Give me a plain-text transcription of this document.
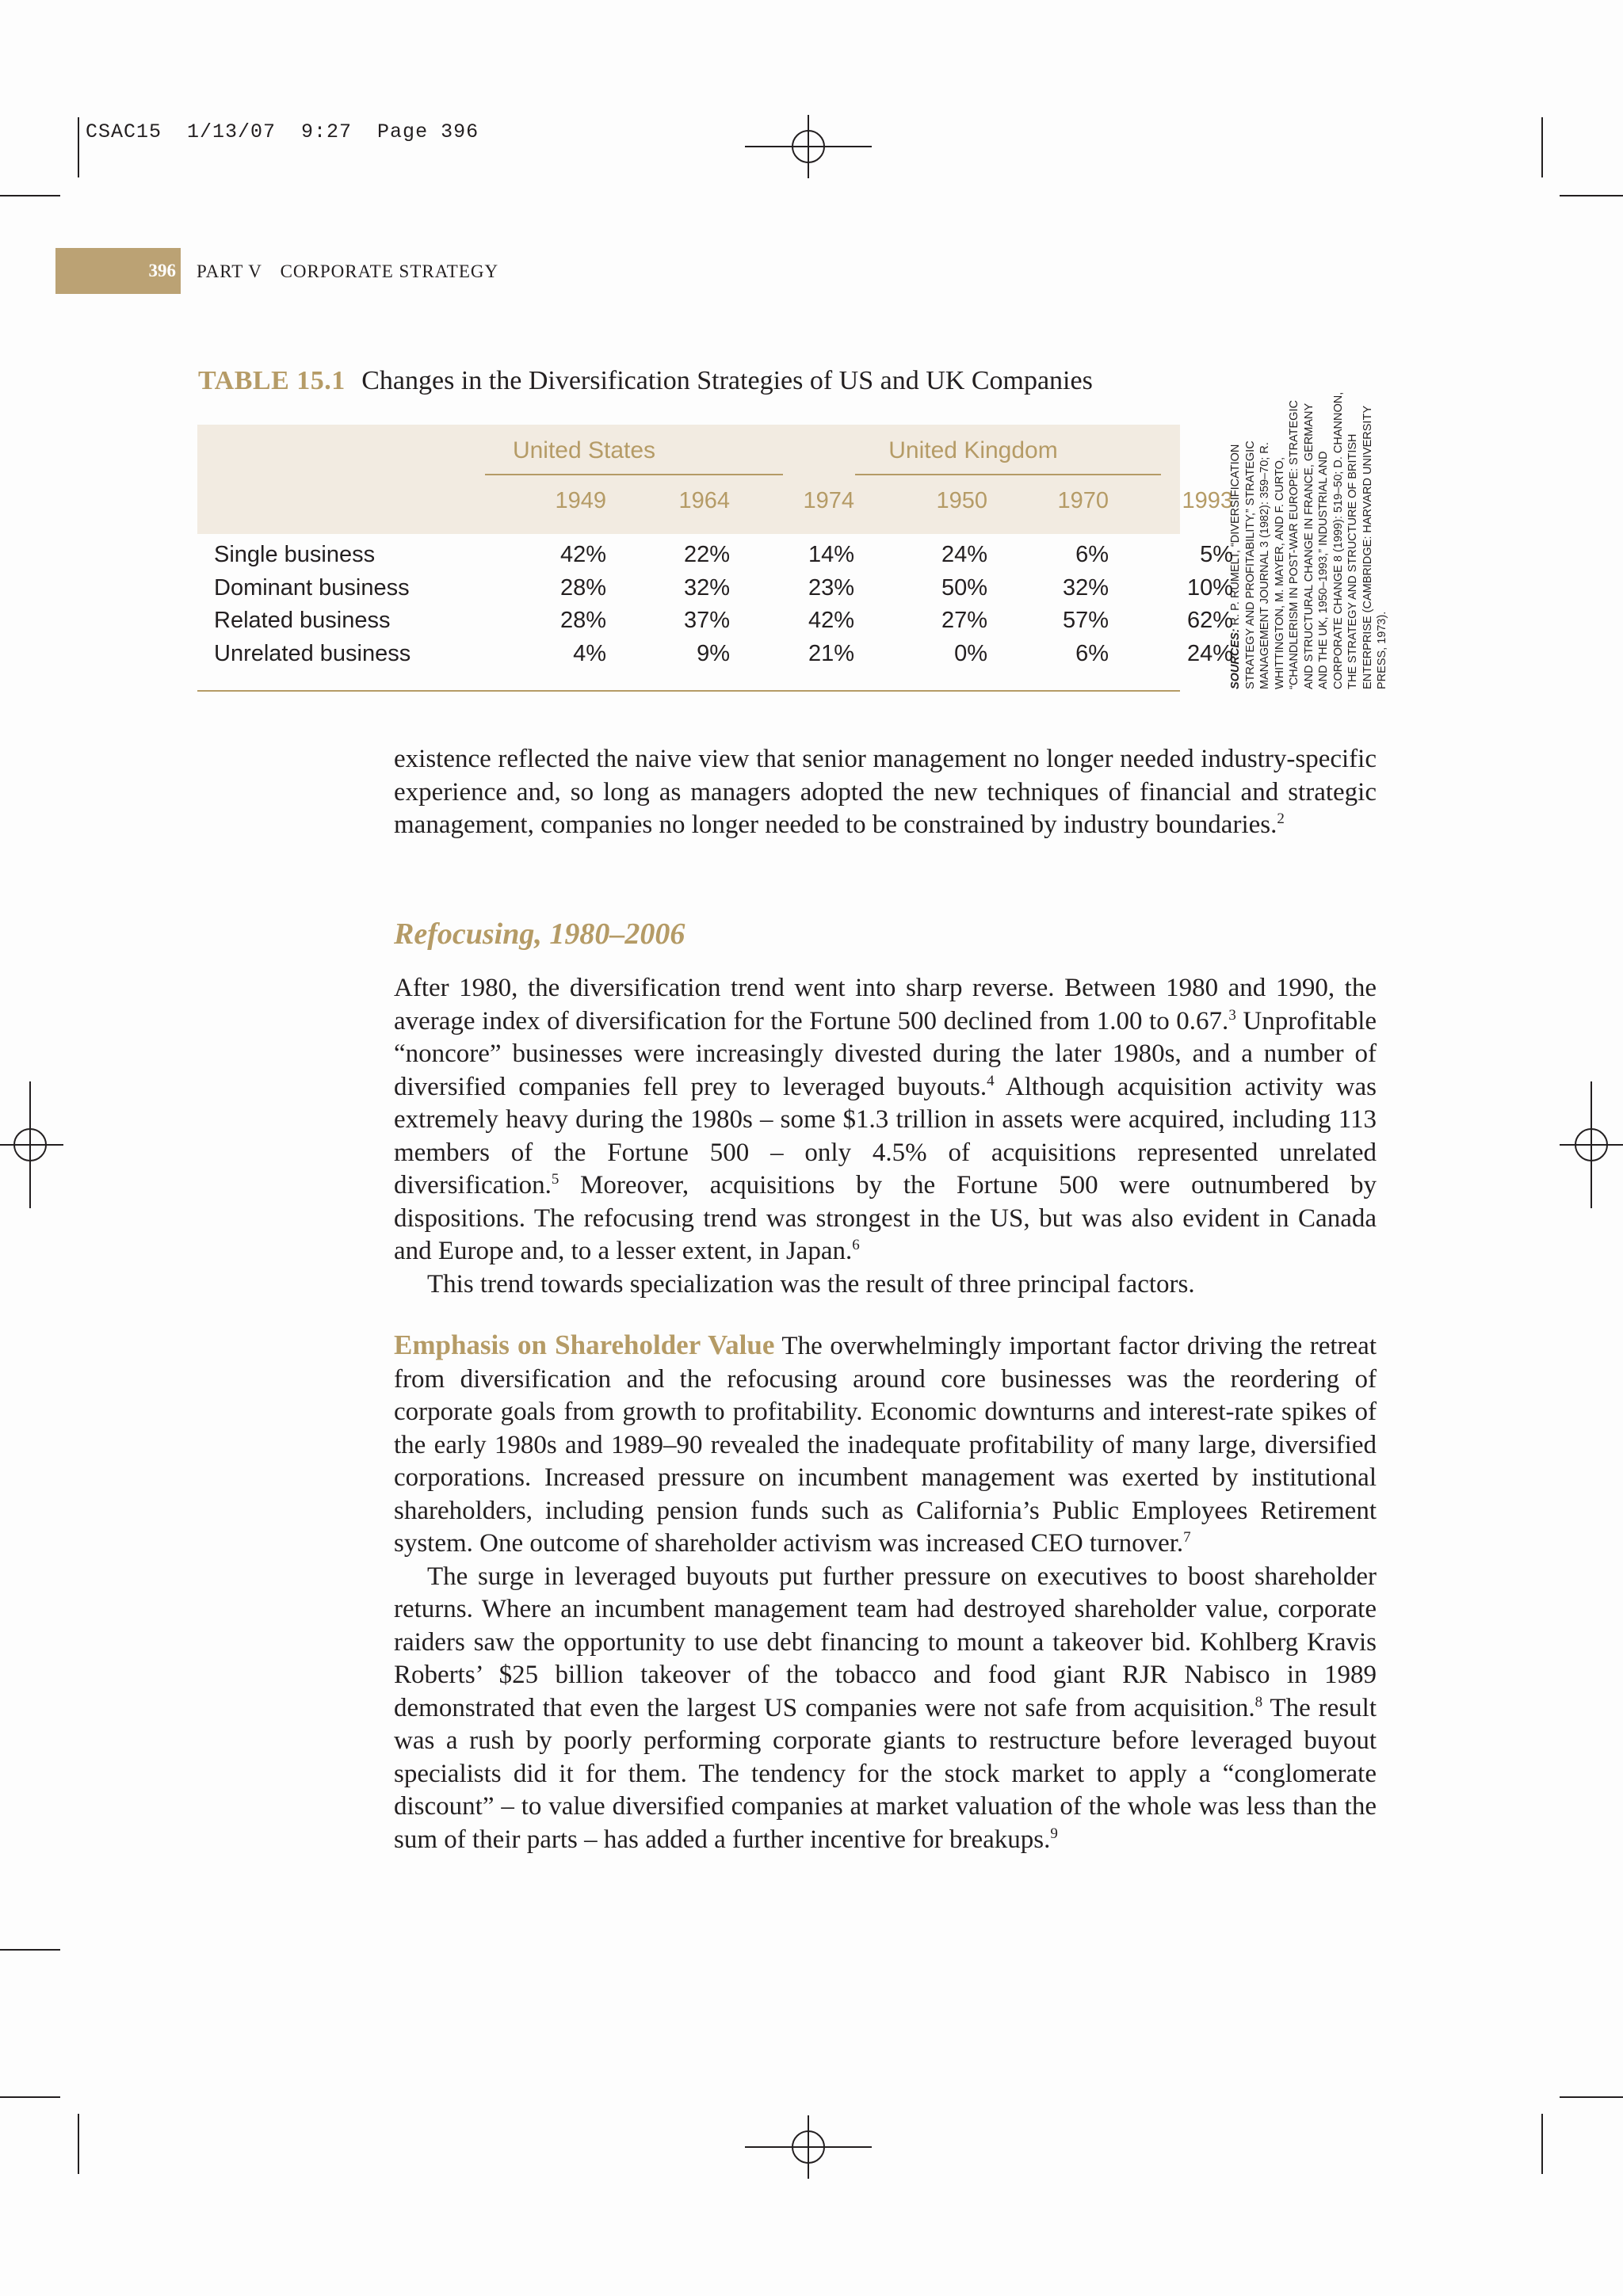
CSAC15  1/13/07  9:27  Page 396
396 PART V CORPORATE STRATEGY
TABLE 15.1 Changes in the Diversification Strategies of US and UK Companies
United States	United Kingdom
1949	1964	1974	1950	1970	1993
Single business	42%	22%	14%	24%	6%	5%
Dominant business	28%	32%	23%	50%	32%	10%
Related business	28%	37%	42%	27%	57%	62%
Unrelated business	4%	9%	21%	0%	6%	24%
SOURCES: R. P. RUMELT, “DIVERSIFICATION STRATEGY AND PROFITABILITY,” STRATEGIC MANAGEMENT JOURNAL 3 (1982): 359–70; R. WHITTINGTON, M. MAYER, AND F. CURTO, “CHANDLERISM IN POST-WAR EUROPE: STRATEGIC AND STRUCTURAL CHANGE IN FRANCE, GERMANY AND THE UK, 1950–1993,” INDUSTRIAL AND CORPORATE CHANGE 8 (1999): 519–50; D. CHANNON, THE STRATEGY AND STRUCTURE OF BRITISH ENTERPRISE (CAMBRIDGE: HARVARD UNIVERSITY PRESS, 1973).

existence reflected the naive view that senior management no longer needed industry-specific experience and, so long as managers adopted the new techniques of financial and strategic management, companies no longer needed to be constrained by industry boundaries.$^2$

Refocusing, 1980–2006

After 1980, the diversification trend went into sharp reverse. Between 1980 and 1990, the average index of diversification for the Fortune 500 declined from 1.00 to 0.67.$^3$ Unprofitable “noncore” businesses were increasingly divested during the later 1980s, and a number of diversified companies fell prey to leveraged buyouts.$^4$ Although acquisition activity was extremely heavy during the 1980s – some $1.3 trillion in assets were acquired, including 113 members of the Fortune 500 – only 4.5% of acquisitions represented unrelated diversification.$^5$ Moreover, acquisitions by the Fortune 500 were outnumbered by dispositions. The refocusing trend was strongest in the US, but was also evident in Canada and Europe and, to a lesser extent, in Japan.$^6$

This trend towards specialization was the result of three principal factors.

Emphasis on Shareholder Value The overwhelmingly important factor driving the retreat from diversification and the refocusing around core businesses was the reordering of corporate goals from growth to profitability. Economic downturns and interest-rate spikes of the early 1980s and 1989–90 revealed the inadequate profitability of many large, diversified corporations. Increased pressure on incumbent management was exerted by institutional shareholders, including pension funds such as California’s Public Employees Retirement system. One outcome of shareholder activism was increased CEO turnover.$^7$

The surge in leveraged buyouts put further pressure on executives to boost shareholder returns. Where an incumbent management team had destroyed shareholder value, corporate raiders saw the opportunity to use debt financing to mount a takeover bid. Kohlberg Kravis Roberts’ $25 billion takeover of the tobacco and food giant RJR Nabisco in 1989 demonstrated that even the largest US companies were not safe from acquisition.$^8$ The result was a rush by poorly performing corporate giants to restructure before leveraged buyout specialists did it for them. The tendency for the stock market to apply a “conglomerate discount” – to value diversified companies at market valuation of the whole was less than the sum of their parts – has added a further incentive for breakups.$^9$
